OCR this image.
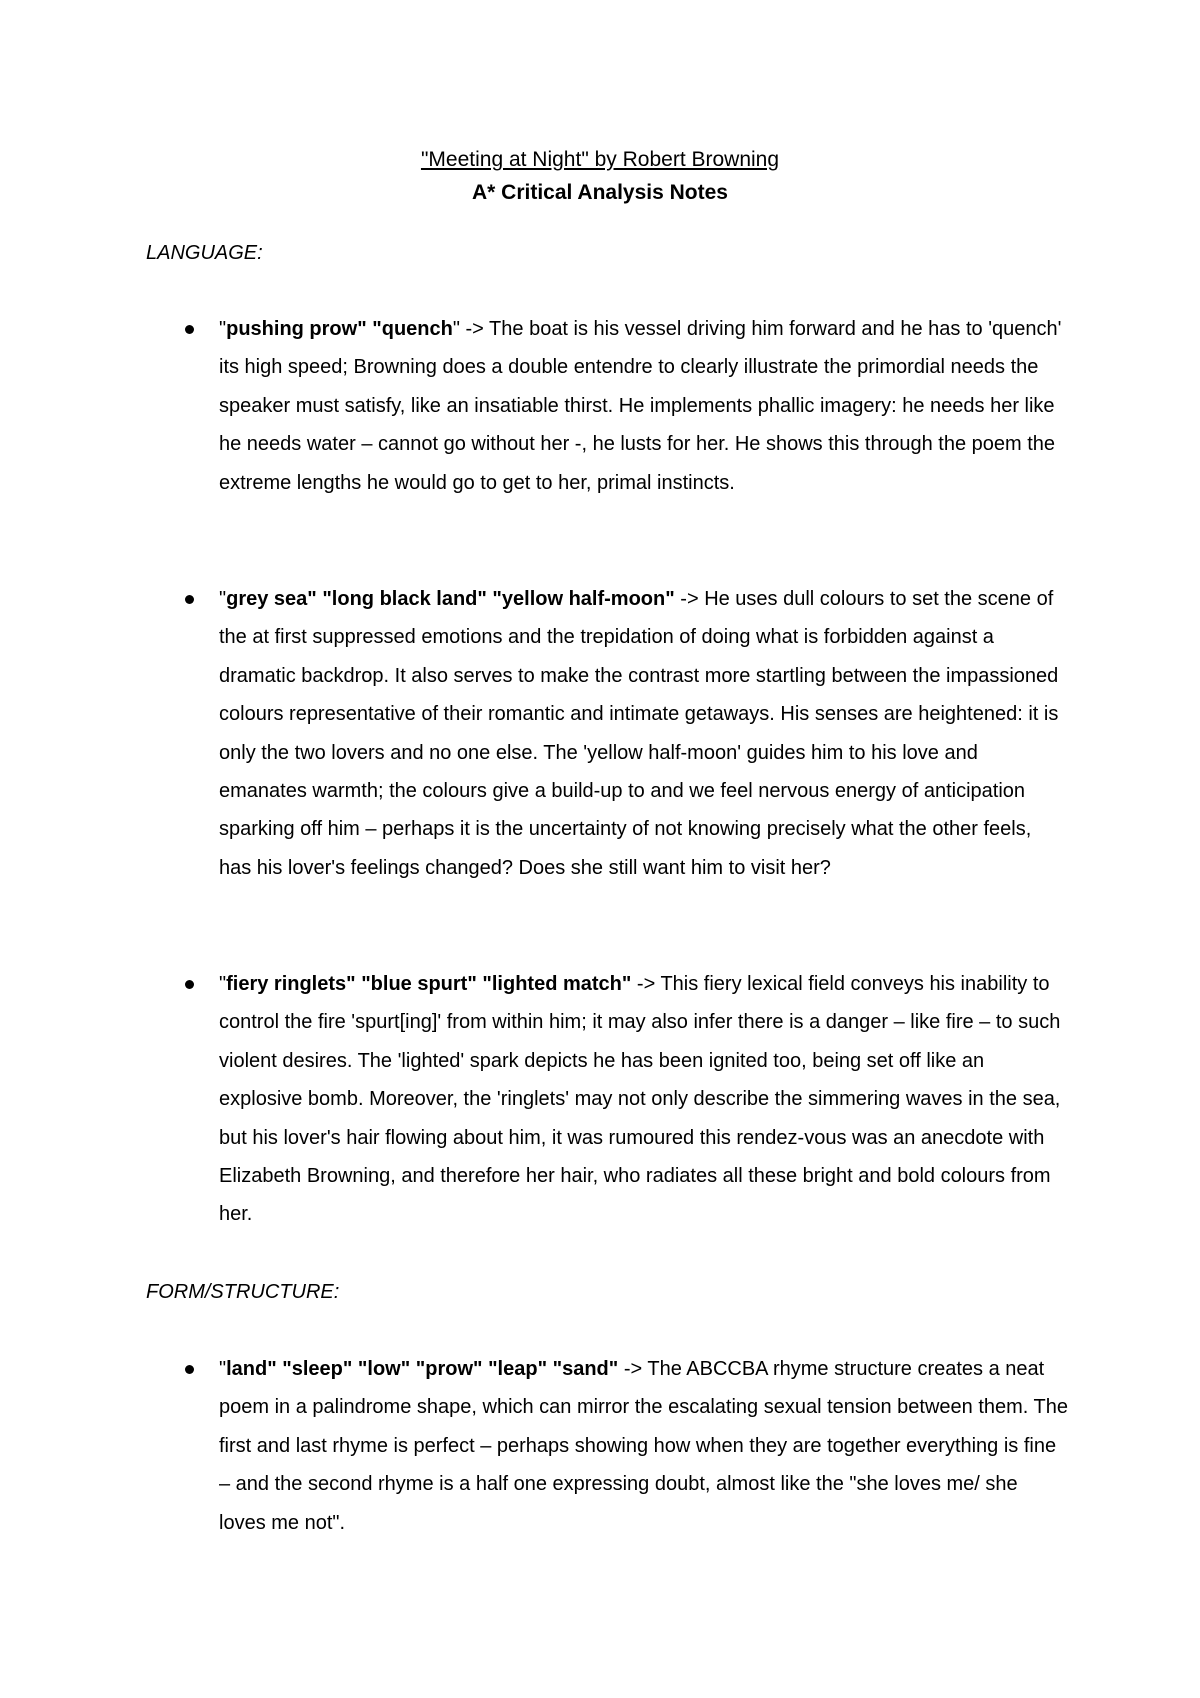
"Meeting at Night" by Robert Browning
A* Critical Analysis Notes
LANGUAGE:

"pushing prow" "quench" -> The boat is his vessel driving him forward and he has to 'quench' its high speed; Browning does a double entendre to clearly illustrate the primordial needs the speaker must satisfy, like an insatiable thirst. He implements phallic imagery: he needs her like he needs water – cannot go without her -, he lusts for her. He shows this through the poem the extreme lengths he would go to get to her, primal instincts.

"grey sea" "long black land" "yellow half-moon" -> He uses dull colours to set the scene of the at first suppressed emotions and the trepidation of doing what is forbidden against a dramatic backdrop. It also serves to make the contrast more startling between the impassioned colours representative of their romantic and intimate getaways. His senses are heightened: it is only the two lovers and no one else. The 'yellow half-moon' guides him to his love and emanates warmth; the colours give a build-up to and we feel nervous energy of anticipation sparking off him – perhaps it is the uncertainty of not knowing precisely what the other feels, has his lover's feelings changed? Does she still want him to visit her?

"fiery ringlets" "blue spurt" "lighted match" -> This fiery lexical field conveys his inability to control the fire 'spurt[ing]' from within him; it may also infer there is a danger – like fire – to such violent desires. The 'lighted' spark depicts he has been ignited too, being set off like an explosive bomb. Moreover, the 'ringlets' may not only describe the simmering waves in the sea, but his lover's hair flowing about him, it was rumoured this rendez-vous was an anecdote with Elizabeth Browning, and therefore her hair, who radiates all these bright and bold colours from her.

FORM/STRUCTURE:

"land" "sleep" "low" "prow" "leap" "sand" -> The ABCCBA rhyme structure creates a neat poem in a palindrome shape, which can mirror the escalating sexual tension between them. The first and last rhyme is perfect – perhaps showing how when they are together everything is fine – and the second rhyme is a half one expressing doubt, almost like the "she loves me/ she loves me not".
